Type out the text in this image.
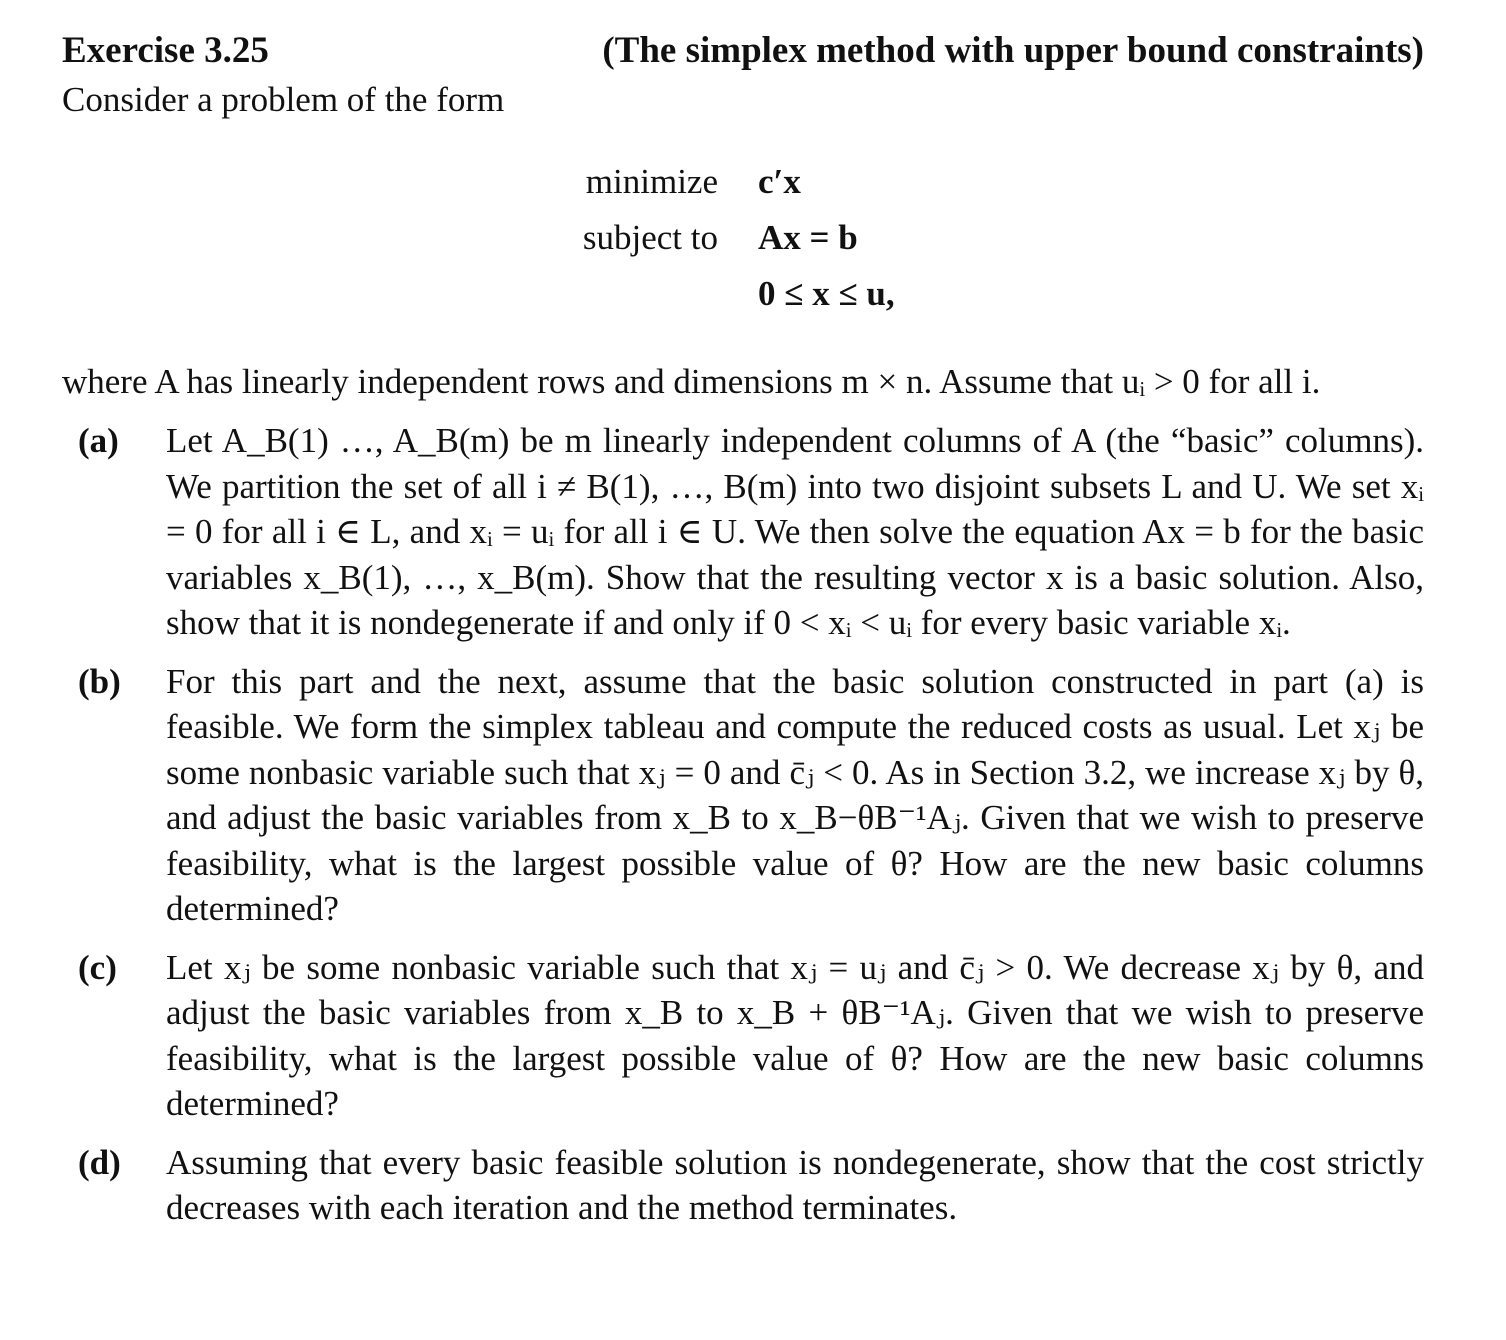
Exercise 3.25	(The simplex method with upper bound constraints)
Consider a problem of the form
minimize c′x
subject to Ax = b
0 ≤ x ≤ u,
where A has linearly independent rows and dimensions m × n. Assume that uᵢ > 0 for all i.
(a) Let A_B(1) …, A_B(m) be m linearly independent columns of A (the “basic” columns). We partition the set of all i ≠ B(1), …, B(m) into two disjoint subsets L and U. We set xᵢ = 0 for all i ∈ L, and xᵢ = uᵢ for all i ∈ U. We then solve the equation Ax = b for the basic variables x_B(1), …, x_B(m). Show that the resulting vector x is a basic solution. Also, show that it is nondegenerate if and only if 0 < xᵢ < uᵢ for every basic variable xᵢ.
(b) For this part and the next, assume that the basic solution constructed in part (a) is feasible. We form the simplex tableau and compute the reduced costs as usual. Let xⱼ be some nonbasic variable such that xⱼ = 0 and c̄ⱼ < 0. As in Section 3.2, we increase xⱼ by θ, and adjust the basic variables from x_B to x_B−θB⁻¹Aⱼ. Given that we wish to preserve feasibility, what is the largest possible value of θ? How are the new basic columns determined?
(c) Let xⱼ be some nonbasic variable such that xⱼ = uⱼ and c̄ⱼ > 0. We decrease xⱼ by θ, and adjust the basic variables from x_B to x_B + θB⁻¹Aⱼ. Given that we wish to preserve feasibility, what is the largest possible value of θ? How are the new basic columns determined?
(d) Assuming that every basic feasible solution is nondegenerate, show that the cost strictly decreases with each iteration and the method terminates.
